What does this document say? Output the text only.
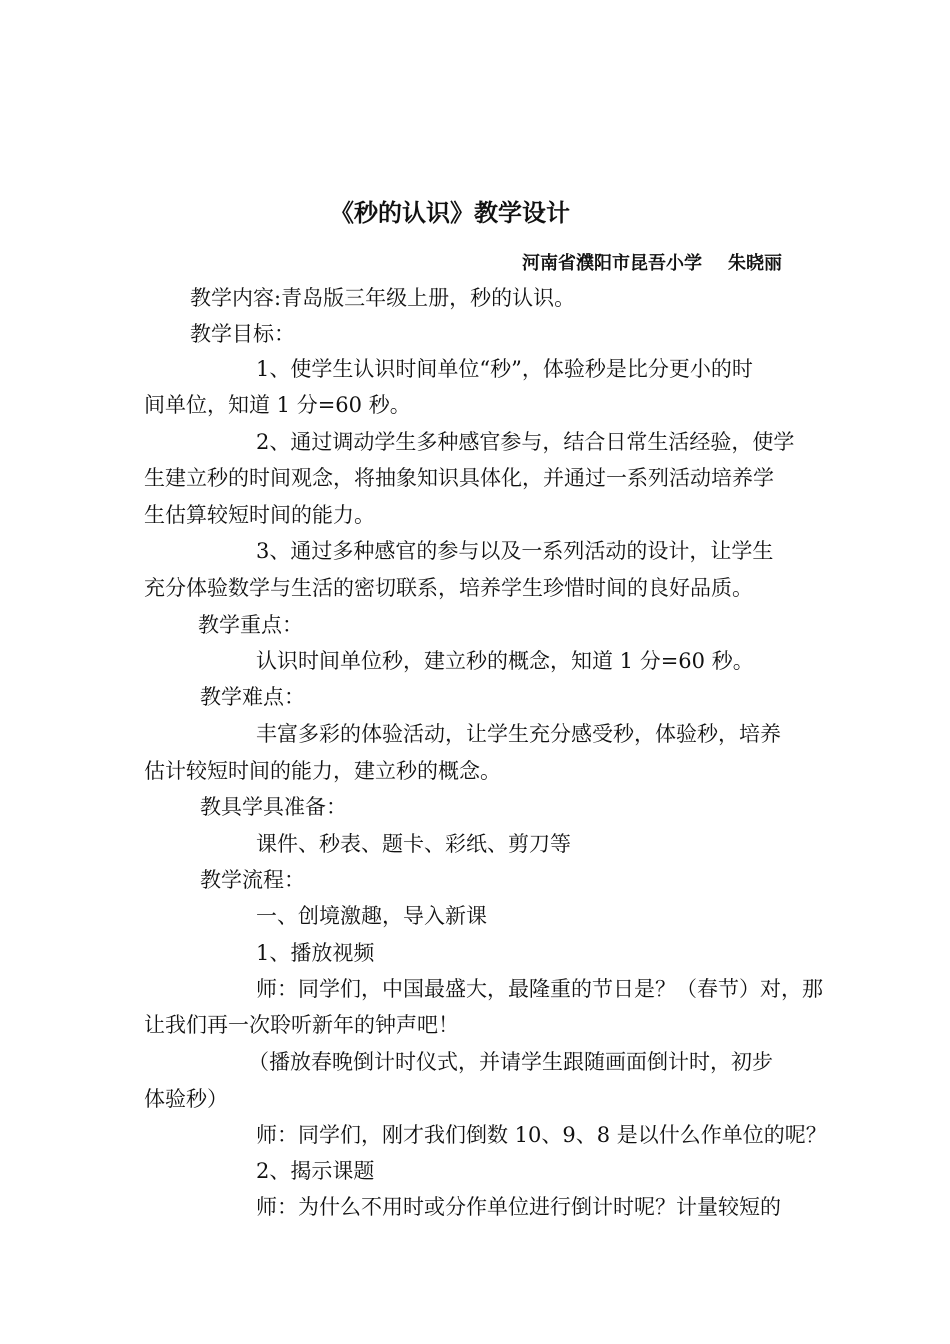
《秒的认识》教学设计
河南省濮阳市昆吾小学 朱晓丽
教学内容:青岛版三年级上册，秒的认识。
教学目标：
1、使学生认识时间单位“秒”，体验秒是比分更小的时
间单位，知道 1 分=60 秒。
2、通过调动学生多种感官参与，结合日常生活经验，使学
生建立秒的时间观念，将抽象知识具体化，并通过一系列活动培养学
生估算较短时间的能力。
3、通过多种感官的参与以及一系列活动的设计，让学生
充分体验数学与生活的密切联系，培养学生珍惜时间的良好品质。
教学重点：
认识时间单位秒，建立秒的概念，知道 1 分=60 秒。
教学难点：
丰富多彩的体验活动，让学生充分感受秒，体验秒，培养
估计较短时间的能力，建立秒的概念。
教具学具准备：
课件、秒表、题卡、彩纸、剪刀等
教学流程：
一、创境激趣，导入新课
1、播放视频
师：同学们，中国最盛大，最隆重的节日是？（春节）对，那
让我们再一次聆听新年的钟声吧！
（播放春晚倒计时仪式，并请学生跟随画面倒计时，初步
体验秒）
师：同学们，刚才我们倒数 10、9、8 是以什么作单位的呢？
2、揭示课题
师：为什么不用时或分作单位进行倒计时呢？计量较短的
